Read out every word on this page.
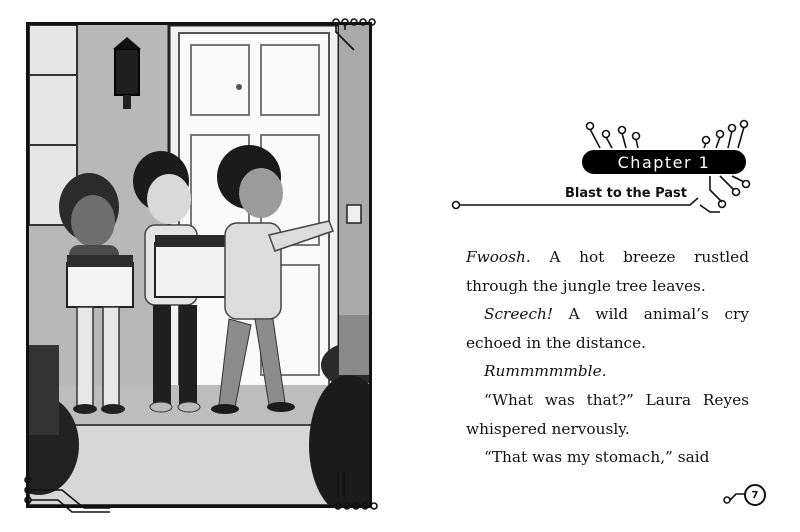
Chapter 1
Blast to the Past

Fwoosh. A hot breeze rustled through the jungle tree leaves.

Screech! A wild animal’s cry echoed in the distance.

Rummmmmble.

“What was that?” Laura Reyes whispered nervously.

“That was my stomach,” said

7
